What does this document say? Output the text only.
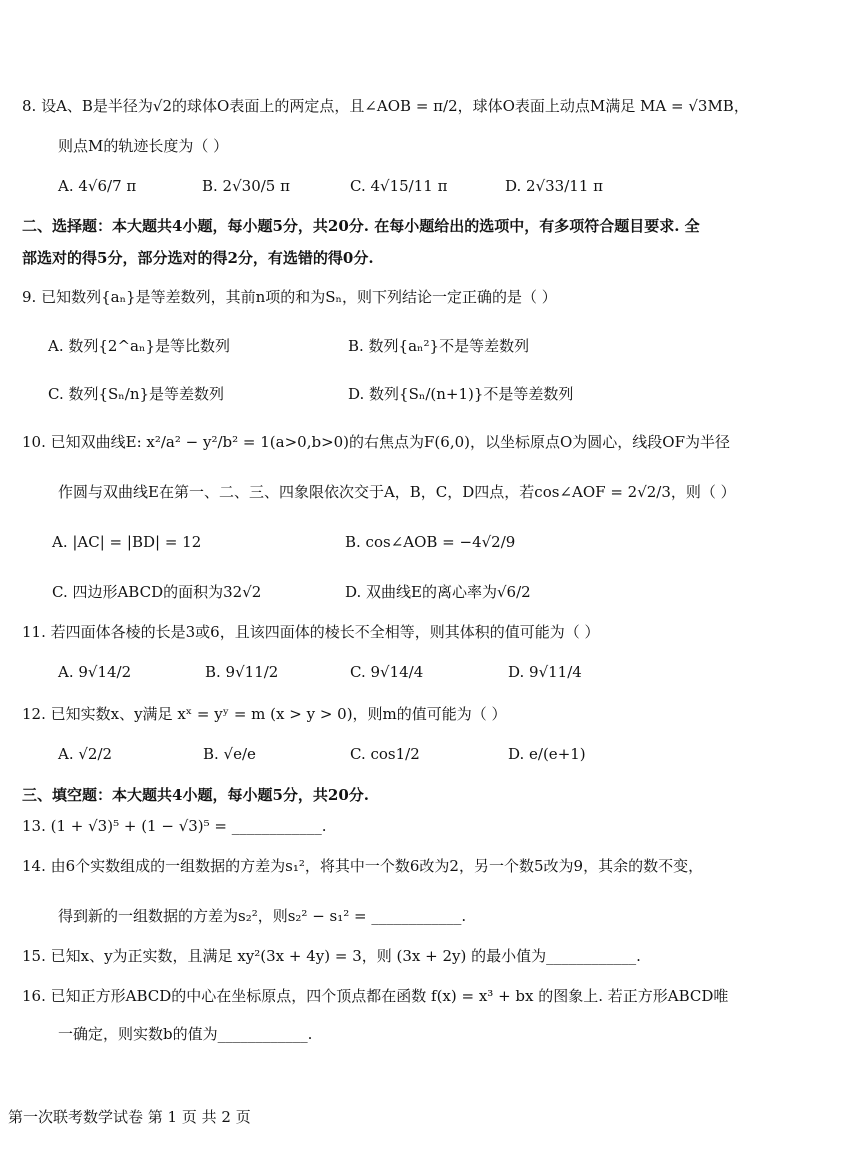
8. 设A、B是半径为√2的球体O表面上的两定点，且∠AOB = π/2，球体O表面上动点M满足 MA = √3MB，
则点M的轨迹长度为（ ）
A. 4√6/7 π	B. 2√30/5 π	C. 4√15/11 π	D. 2√33/11 π
二、选择题：本大题共4小题，每小题5分，共20分. 在每小题给出的选项中，有多项符合题目要求. 全
部选对的得5分，部分选对的得2分，有选错的得0分.
9. 已知数列{aₙ}是等差数列，其前n项的和为Sₙ，则下列结论一定正确的是（ ）
A. 数列{2^aₙ}是等比数列	B. 数列{aₙ²}不是等差数列
C. 数列{Sₙ/n}是等差数列	D. 数列{Sₙ/(n+1)}不是等差数列
10. 已知双曲线E: x²/a² − y²/b² = 1(a>0,b>0)的右焦点为F(6,0)，以坐标原点O为圆心，线段OF为半径
作圆与双曲线E在第一、二、三、四象限依次交于A，B，C，D四点，若cos∠AOF = 2√2/3，则（ ）
A. |AC| = |BD| = 12	B. cos∠AOB = −4√2/9
C. 四边形ABCD的面积为32√2	D. 双曲线E的离心率为√6/2
11. 若四面体各棱的长是3或6，且该四面体的棱长不全相等，则其体积的值可能为（ ）
A. 9√14/2	B. 9√11/2	C. 9√14/4	D. 9√11/4
12. 已知实数x、y满足 xˣ = yʸ = m (x > y > 0)，则m的值可能为（ ）
A. √2/2	B. √e/e	C. cos1/2	D. e/(e+1)
三、填空题：本大题共4小题，每小题5分，共20分.
13. (1 + √3)⁵ + (1 − √3)⁵ = ____________.
14. 由6个实数组成的一组数据的方差为s₁²，将其中一个数6改为2，另一个数5改为9，其余的数不变，
得到新的一组数据的方差为s₂²，则s₂² − s₁² = ____________.
15. 已知x、y为正实数，且满足 xy²(3x + 4y) = 3，则 (3x + 2y) 的最小值为____________.
16. 已知正方形ABCD的中心在坐标原点，四个顶点都在函数 f(x) = x³ + bx 的图象上. 若正方形ABCD唯
一确定，则实数b的值为____________.
第一次联考数学试卷 第 1 页 共 2 页
